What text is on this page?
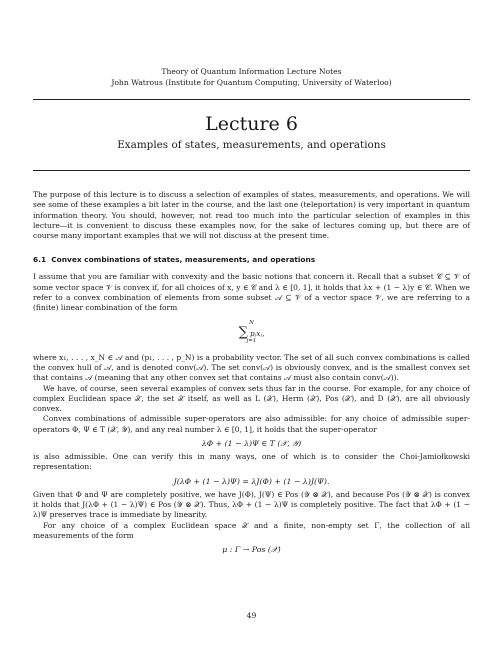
Theory of Quantum Information Lecture Notes
John Watrous (Institute for Quantum Computing, University of Waterloo)
Lecture 6
Examples of states, measurements, and operations

The purpose of this lecture is to discuss a selection of examples of states, measurements, and operations. We will see some of these examples a bit later in the course, and the last one (teleportation) is very important in quantum information theory. You should, however, not read too much into the particular selection of examples in this lecture—it is convenient to discuss these examples now, for the sake of lectures coming up, but there are of course many important examples that we will not discuss at the present time.

6.1 Convex combinations of states, measurements, and operations

I assume that you are familiar with convexity and the basic notions that concern it. Recall that a subset 𝒞 ⊆ 𝒱 of some vector space 𝒱 is convex if, for all choices of x, y ∈ 𝒞 and λ ∈ [0, 1], it holds that λx + (1 − λ)y ∈ 𝒞. When we refer to a convex combination of elements from some subset 𝒜 ⊆ 𝒱 of a vector space 𝒱, we are referring to a (finite) linear combination of the form

N
∑ pⱼxⱼ,
j=1

where x₁, . . . , x_N ∈ 𝒜 and (p₁, . . . , p_N) is a probability vector. The set of all such convex combinations is called the convex hull of 𝒜, and is denoted conv(𝒜). The set conv(𝒜) is obviously convex, and is the smallest convex set that contains 𝒜 (meaning that any other convex set that contains 𝒜 must also contain conv(𝒜)).

We have, of course, seen several examples of convex sets thus far in the course. For example, for any choice of complex Euclidean space 𝒳, the set 𝒳 itself, as well as L (𝒳), Herm (𝒳), Pos (𝒳), and D (𝒳), are all obviously convex.

Convex combinations of admissible super-operators are also admissible: for any choice of admissible super-operators Φ, Ψ ∈ T (𝒳, 𝒴), and any real number λ ∈ [0, 1], it holds that the super-operator

λΦ + (1 − λ)Ψ ∈ T (𝒳, 𝒴)

is also admissible. One can verify this in many ways, one of which is to consider the Choi-Jamiołkowski representation:

J(λΦ + (1 − λ)Ψ) = λJ(Φ) + (1 − λ)J(Ψ).

Given that Φ and Ψ are completely positive, we have J(Φ), J(Ψ) ∈ Pos (𝒴 ⊗ 𝒳), and because Pos (𝒴 ⊗ 𝒳) is convex it holds that J(λΦ + (1 − λ)Ψ) ∈ Pos (𝒴 ⊗ 𝒳). Thus, λΦ + (1 − λ)Ψ is completely positive. The fact that λΦ + (1 − λ)Ψ preserves trace is immediate by linearity.

For any choice of a complex Euclidean space 𝒳 and a finite, non-empty set Γ, the collection of all measurements of the form

μ : Γ → Pos (𝒳)
49
